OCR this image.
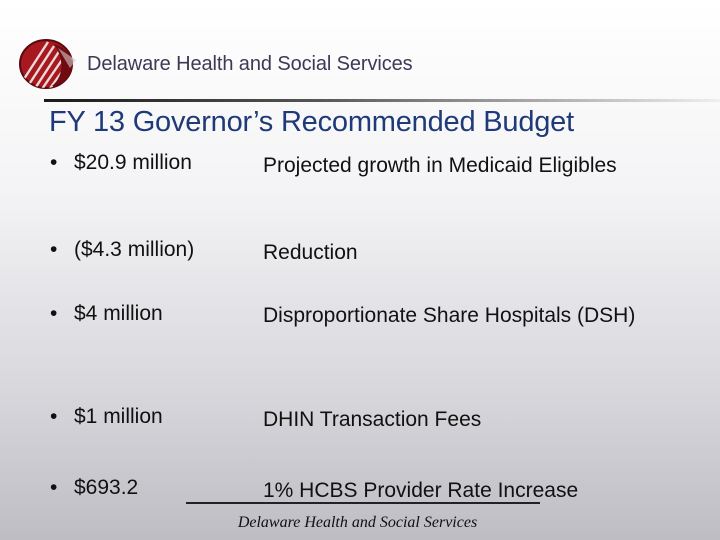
Delaware Health and Social Services
FY 13 Governor’s Recommended Budget
• $20.9 million	Projected growth in Medicaid Eligibles
• ($4.3 million)	Reduction
• $4 million	Disproportionate Share Hospitals (DSH)
• $1 million	DHIN Transaction Fees
• $693.2	1% HCBS Provider Rate Increase
Delaware Health and Social Services
